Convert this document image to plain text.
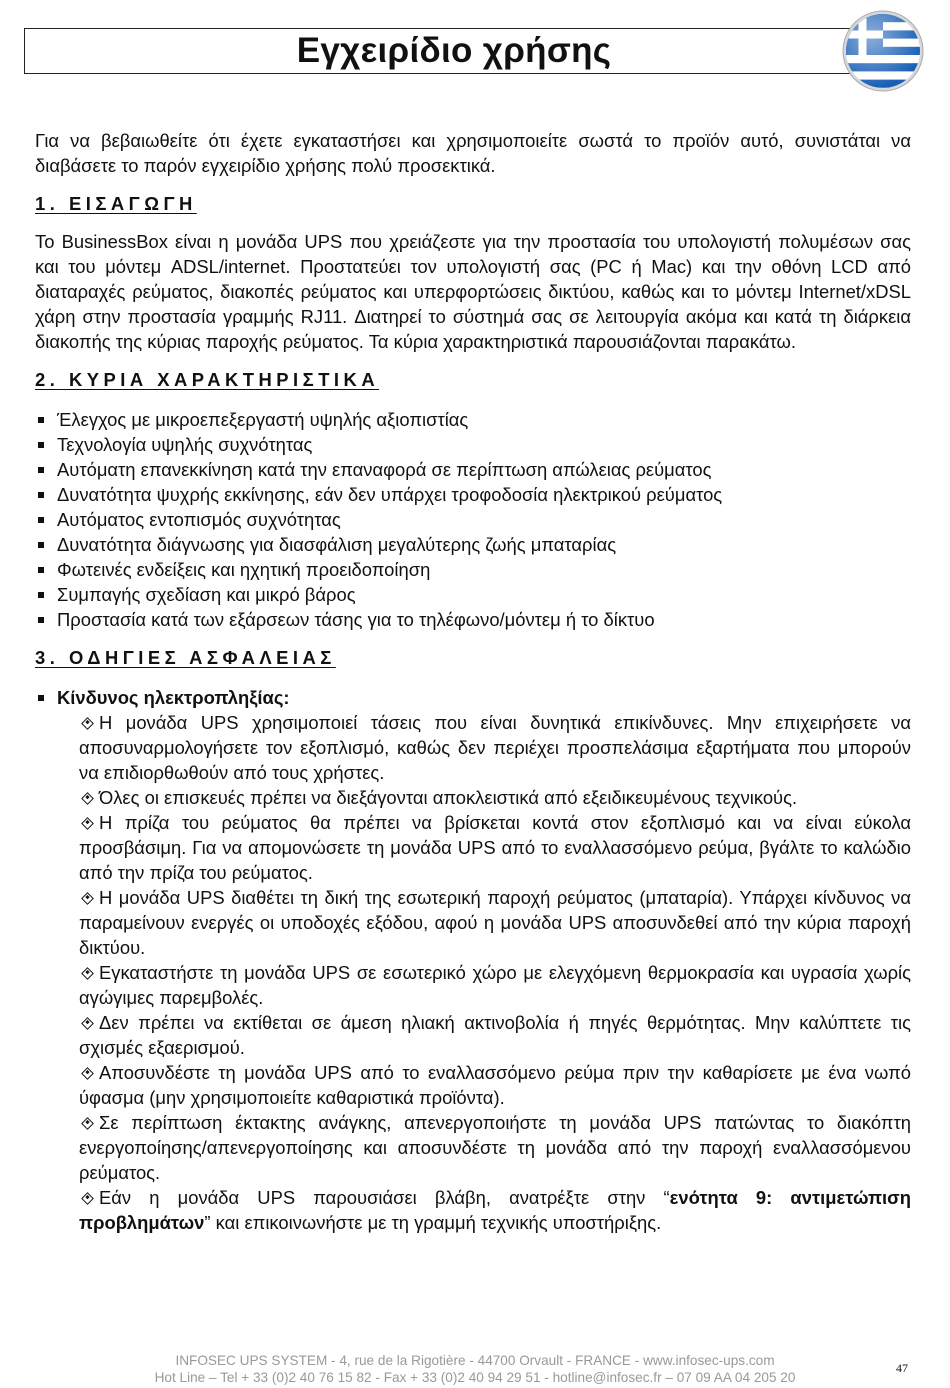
Εγχειρίδιο χρήσης

Για να βεβαιωθείτε ότι έχετε εγκαταστήσει και χρησιμοποιείτε σωστά το προϊόν αυτό, συνιστάται να διαβάσετε το παρόν εγχειρίδιο χρήσης πολύ προσεκτικά.

1. ΕΙΣΑΓΩΓΗ

Το BusinessBox είναι η μονάδα UPS που χρειάζεστε για την προστασία του υπολογιστή πολυμέσων σας και του μόντεμ ADSL/internet. Προστατεύει τον υπολογιστή σας (PC ή Mac) και την οθόνη LCD από διαταραχές ρεύματος, διακοπές ρεύματος και υπερφορτώσεις δικτύου, καθώς και το μόντεμ Internet/xDSL χάρη στην προστασία γραμμής RJ11. Διατηρεί το σύστημά σας σε λειτουργία ακόμα και κατά τη διάρκεια διακοπής της κύριας παροχής ρεύματος. Τα κύρια χαρακτηριστικά παρουσιάζονται παρακάτω.

2. ΚΥΡΙΑ ΧΑΡΑΚΤΗΡΙΣΤΙΚΑ
Έλεγχος με μικροεπεξεργαστή υψηλής αξιοπιστίας
Τεχνολογία υψηλής συχνότητας
Αυτόματη επανεκκίνηση κατά την επαναφορά σε περίπτωση απώλειας ρεύματος
Δυνατότητα ψυχρής εκκίνησης, εάν δεν υπάρχει τροφοδοσία ηλεκτρικού ρεύματος
Αυτόματος εντοπισμός συχνότητας
Δυνατότητα διάγνωσης για διασφάλιση μεγαλύτερης ζωής μπαταρίας
Φωτεινές ενδείξεις και ηχητική προειδοποίηση
Συμπαγής σχεδίαση και μικρό βάρος
Προστασία κατά των εξάρσεων τάσης για το τηλέφωνο/μόντεμ ή το δίκτυο
3. ΟΔΗΓΙΕΣ ΑΣΦΑΛΕΙΑΣ
Κίνδυνος ηλεκτροπληξίας:
Η μονάδα UPS χρησιμοποιεί τάσεις που είναι δυνητικά επικίνδυνες. Μην επιχειρήσετε να αποσυναρμολογήσετε τον εξοπλισμό, καθώς δεν περιέχει προσπελάσιμα εξαρτήματα που μπορούν να επιδιορθωθούν από τους χρήστες.
Όλες οι επισκευές πρέπει να διεξάγονται αποκλειστικά από εξειδικευμένους τεχνικούς.
Η πρίζα του ρεύματος θα πρέπει να βρίσκεται κοντά στον εξοπλισμό και να είναι εύκολα προσβάσιμη. Για να απομονώσετε τη μονάδα UPS από το εναλλασσόμενο ρεύμα, βγάλτε το καλώδιο από την πρίζα του ρεύματος.
Η μονάδα UPS διαθέτει τη δική της εσωτερική παροχή ρεύματος (μπαταρία). Υπάρχει κίνδυνος να παραμείνουν ενεργές οι υποδοχές εξόδου, αφού η μονάδα UPS αποσυνδεθεί από την κύρια παροχή δικτύου.
Εγκαταστήστε τη μονάδα UPS σε εσωτερικό χώρο με ελεγχόμενη θερμοκρασία και υγρασία χωρίς αγώγιμες παρεμβολές.
Δεν πρέπει να εκτίθεται σε άμεση ηλιακή ακτινοβολία ή πηγές θερμότητας. Μην καλύπτετε τις σχισμές εξαερισμού.
Αποσυνδέστε τη μονάδα UPS από το εναλλασσόμενο ρεύμα πριν την καθαρίσετε με ένα νωπό ύφασμα (μην χρησιμοποιείτε καθαριστικά προϊόντα).
Σε περίπτωση έκτακτης ανάγκης, απενεργοποιήστε τη μονάδα UPS πατώντας το διακόπτη ενεργοποίησης/απενεργοποίησης και αποσυνδέστε τη μονάδα από την παροχή εναλλασσόμενου ρεύματος.
Εάν η μονάδα UPS παρουσιάσει βλάβη, ανατρέξτε στην “ενότητα 9: αντιμετώπιση προβλημάτων” και επικοινωνήστε με τη γραμμή τεχνικής υποστήριξης.
INFOSEC UPS SYSTEM - 4, rue de la Rigotière - 44700 Orvault - FRANCE - www.infosec-ups.com
Hot Line – Tel + 33 (0)2 40 76 15 82 - Fax + 33 (0)2 40 94 29 51 - hotline@infosec.fr – 07 09 AA 04 205 20
47
